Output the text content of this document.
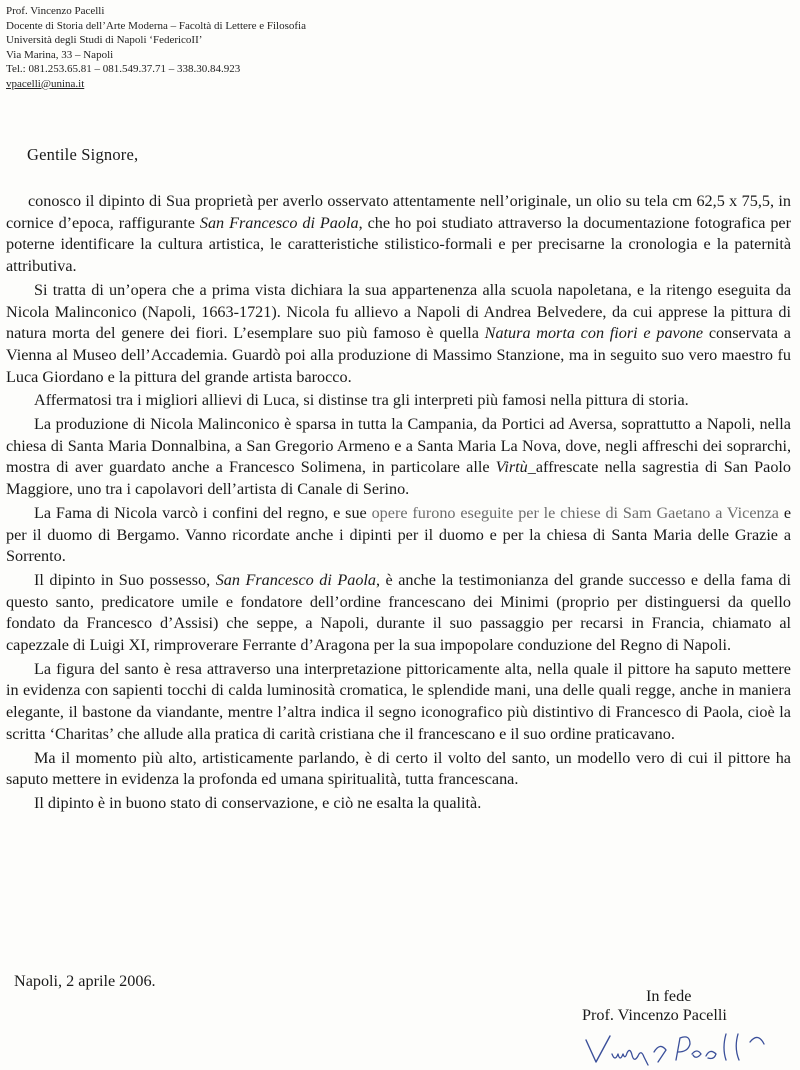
Prof. Vincenzo Pacelli
Docente di Storia dell’Arte Moderna – Facoltà di Lettere e Filosofia
Università degli Studi di Napoli ‘FedericoII’
Via Marina, 33 – Napoli
Tel.: 081.253.65.81 – 081.549.37.71 – 338.30.84.923
vpacelli@unina.it
Gentile Signore,

conosco il dipinto di Sua proprietà per averlo osservato attentamente nell’originale, un olio su tela cm 62,5 x 75,5, in cornice d’epoca, raffigurante San Francesco di Paola, che ho poi studiato attraverso la documentazione fotografica per poterne identificare la cultura artistica, le caratteristiche stilistico-formali e per precisarne la cronologia e la paternità attributiva.

Si tratta di un’opera che a prima vista dichiara la sua appartenenza alla scuola napoletana, e la ritengo eseguita da Nicola Malinconico (Napoli, 1663-1721). Nicola fu allievo a Napoli di Andrea Belvedere, da cui apprese la pittura di natura morta del genere dei fiori. L’esemplare suo più famoso è quella Natura morta con fiori e pavone conservata a Vienna al Museo dell’Accademia. Guardò poi alla produzione di Massimo Stanzione, ma in seguito suo vero maestro fu Luca Giordano e la pittura del grande artista barocco.

Affermatosi tra i migliori allievi di Luca, si distinse tra gli interpreti più famosi nella pittura di storia.

La produzione di Nicola Malinconico è sparsa in tutta la Campania, da Portici ad Aversa, soprattutto a Napoli, nella chiesa di Santa Maria Donnalbina, a San Gregorio Armeno e a Santa Maria La Nova, dove, negli affreschi dei soprarchi, mostra di aver guardato anche a Francesco Solimena, in particolare alle Virtù_affrescate nella sagrestia di San Paolo Maggiore, uno tra i capolavori dell’artista di Canale di Serino.

La Fama di Nicola varcò i confini del regno, e sue opere furono eseguite per le chiese di Sam Gaetano a Vicenza e per il duomo di Bergamo. Vanno ricordate anche i dipinti per il duomo e per la chiesa di Santa Maria delle Grazie a Sorrento.

Il dipinto in Suo possesso, San Francesco di Paola, è anche la testimonianza del grande successo e della fama di questo santo, predicatore umile e fondatore dell’ordine francescano dei Minimi (proprio per distinguersi da quello fondato da Francesco d’Assisi) che seppe, a Napoli, durante il suo passaggio per recarsi in Francia, chiamato al capezzale di Luigi XI, rimproverare Ferrante d’Aragona per la sua impopolare conduzione del Regno di Napoli.

La figura del santo è resa attraverso una interpretazione pittoricamente alta, nella quale il pittore ha saputo mettere in evidenza con sapienti tocchi di calda luminosità cromatica, le splendide mani, una delle quali regge, anche in maniera elegante, il bastone da viandante, mentre l’altra indica il segno iconografico più distintivo di Francesco di Paola, cioè la scritta ‘Charitas’ che allude alla pratica di carità cristiana che il francescano e il suo ordine praticavano.

Ma il momento più alto, artisticamente parlando, è di certo il volto del santo, un modello vero di cui il pittore ha saputo mettere in evidenza la profonda ed umana spiritualità, tutta francescana.

Il dipinto è in buono stato di conservazione, e ciò ne esalta la qualità.

Napoli, 2 aprile 2006.
In fede
Prof. Vincenzo Pacelli
